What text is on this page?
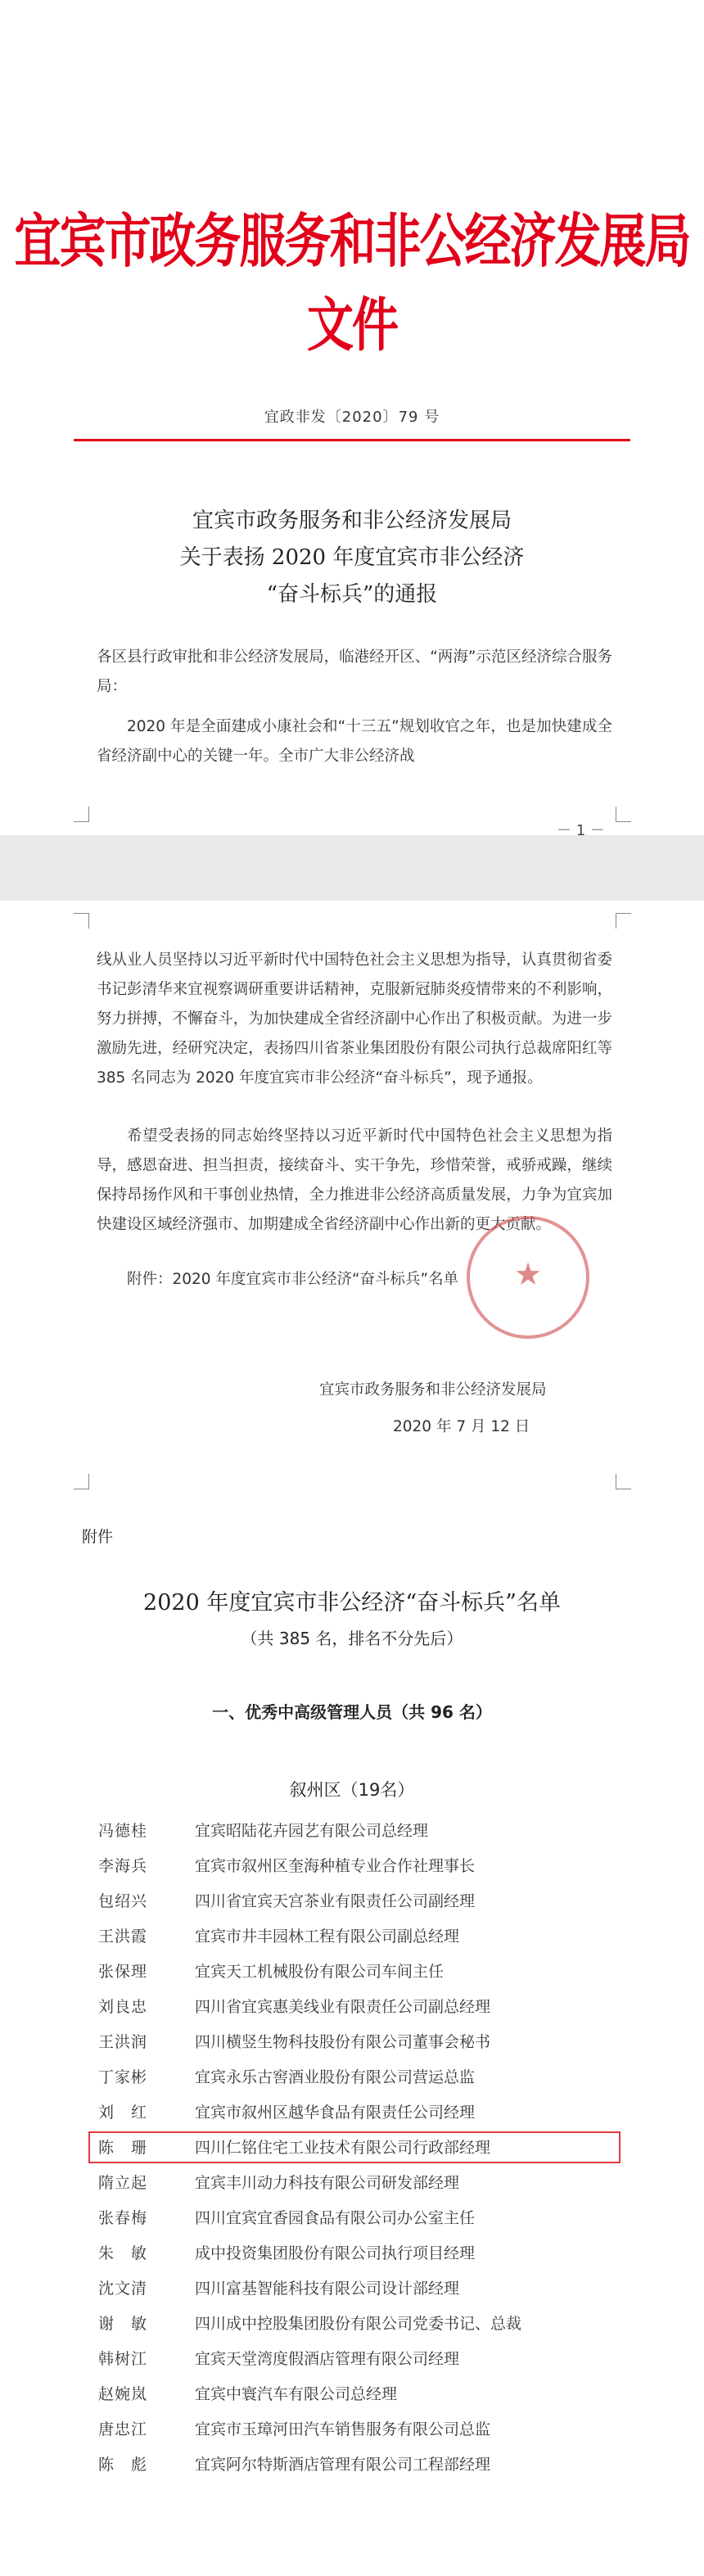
宜宾市政务服务和非公经济发展局文件
宜政非发〔2020〕79 号
宜宾市政务服务和非公经济发展局
关于表扬 2020 年度宜宾市非公经济
“奋斗标兵”的通报
各区县行政审批和非公经济发展局，临港经开区、“两海”示范区经济综合服务局：
2020 年是全面建成小康社会和“十三五”规划收官之年，也是加快建成全省经济副中心的关键一年。全市广大非公经济战
－ 1 －
线从业人员坚持以习近平新时代中国特色社会主义思想为指导，认真贯彻省委书记彭清华来宜视察调研重要讲话精神，克服新冠肺炎疫情带来的不利影响，努力拼搏，不懈奋斗，为加快建成全省经济副中心作出了积极贡献。为进一步激励先进，经研究决定，表扬四川省茶业集团股份有限公司执行总裁席阳红等 385 名同志为 2020 年度宜宾市非公经济“奋斗标兵”，现予通报。
希望受表扬的同志始终坚持以习近平新时代中国特色社会主义思想为指导，感恩奋进、担当担责，接续奋斗、实干争先，珍惜荣誉，戒骄戒躁，继续保持昂扬作风和干事创业热情，全力推进非公经济高质量发展，力争为宜宾加快建设区域经济强市、加期建成全省经济副中心作出新的更大贡献。
附件：2020 年度宜宾市非公经济“奋斗标兵”名单	★
宜宾市政务服务和非公经济发展局
2020 年 7 月 12 日
附件
2020 年度宜宾市非公经济“奋斗标兵”名单
（共 385 名，排名不分先后）
一、优秀中高级管理人员（共 96 名）
叙州区（19名）
冯德桂	宜宾昭陆花卉园艺有限公司总经理
李海兵	宜宾市叙州区奎海种植专业合作社理事长
包绍兴	四川省宜宾天宫茶业有限责任公司副经理
王洪霞	宜宾市井丰园林工程有限公司副总经理
张保理	宜宾天工机械股份有限公司车间主任
刘良忠	四川省宜宾惠美线业有限责任公司副总经理
王洪润	四川横竖生物科技股份有限公司董事会秘书
丁家彬	宜宾永乐古窖酒业股份有限公司营运总监
刘　红	宜宾市叙州区越华食品有限责任公司经理
陈　珊	四川仁铭住宅工业技术有限公司行政部经理
隋立起	宜宾丰川动力科技有限公司研发部经理
张春梅	四川宜宾宜香园食品有限公司办公室主任
朱　敏	成中投资集团股份有限公司执行项目经理
沈文清	四川富基智能科技有限公司设计部经理
谢　敏	四川成中控股集团股份有限公司党委书记、总裁
韩树江	宜宾天堂湾度假酒店管理有限公司经理
赵婉岚	宜宾中寰汽车有限公司总经理
唐忠江	宜宾市玉璋河田汽车销售服务有限公司总监
陈　彪	宜宾阿尔特斯酒店管理有限公司工程部经理
